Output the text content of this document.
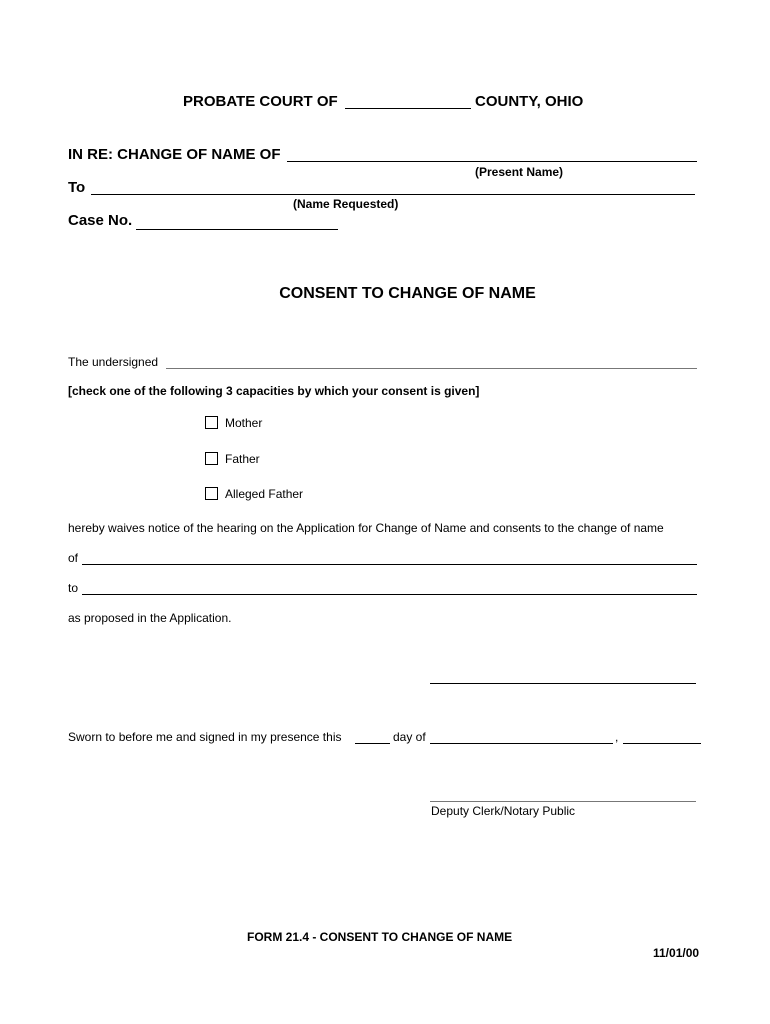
PROBATE COURT OF	COUNTY, OHIO
IN RE: CHANGE OF NAME OF
(Present Name)
To
(Name Requested)
Case No.
CONSENT TO CHANGE OF NAME
The undersigned
[check one of the following 3 capacities by which your consent is given]
Mother
Father
Alleged Father
hereby waives notice of the hearing on the Application for Change of Name and consents to the change of name
of
to
as proposed in the Application.
Sworn to before me and signed in my presence this	day of	,
Deputy Clerk/Notary Public
FORM 21.4 - CONSENT TO CHANGE OF NAME
11/01/00
